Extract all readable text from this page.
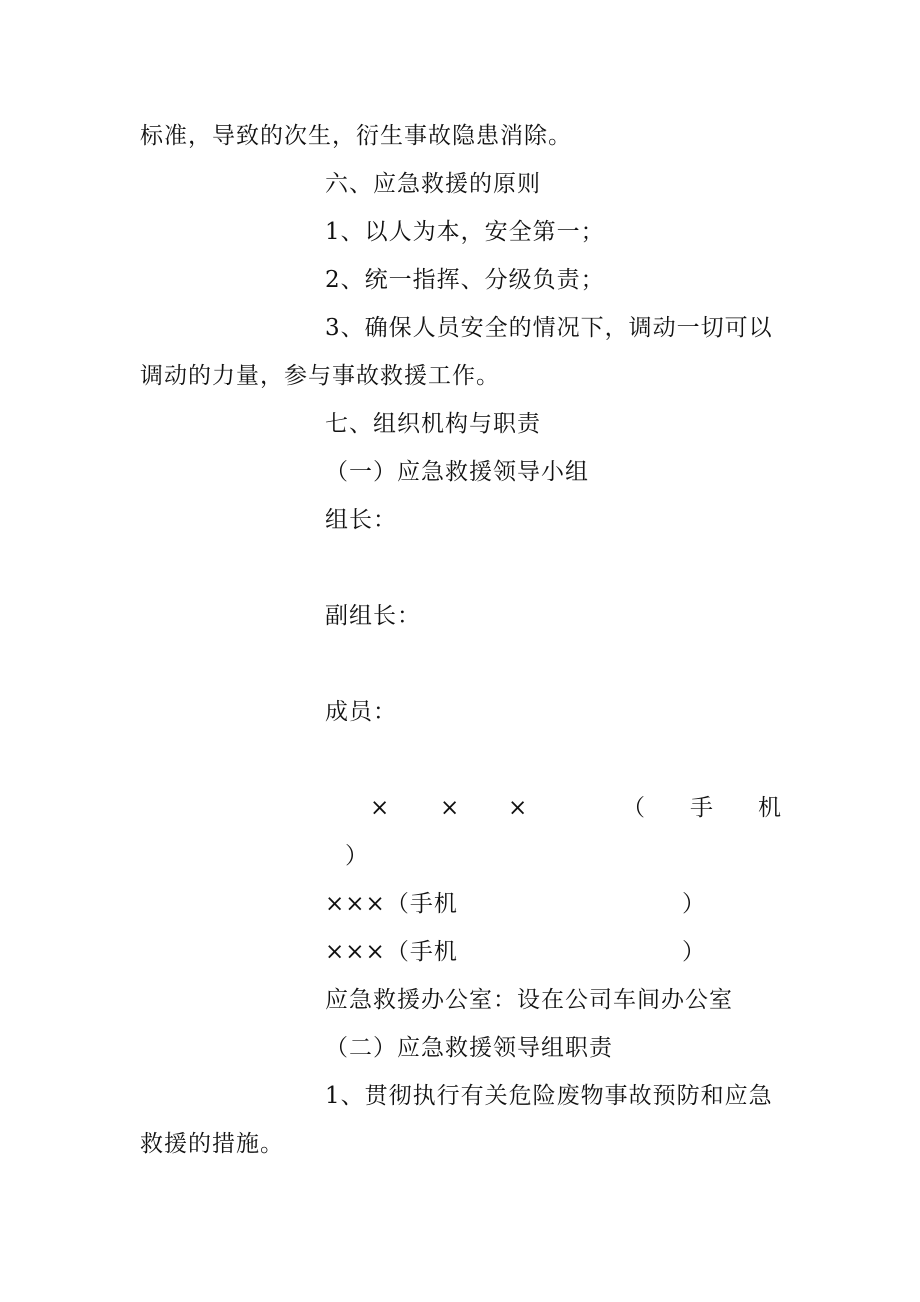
标准，导致的次生，衍生事故隐患消除。
六、应急救援的原则
1、以人为本，安全第一；
2、统一指挥、分级负责；
3、确保人员安全的情况下，调动一切可以
调动的力量，参与事故救援工作。
七、组织机构与职责
（一）应急救援领导小组
组长：
副组长：
成员：
× × ×	（ 手 机
）
×××（手机	）
×××（手机	）
应急救援办公室：设在公司车间办公室
（二）应急救援领导组职责
1、贯彻执行有关危险废物事故预防和应急
救援的措施。
